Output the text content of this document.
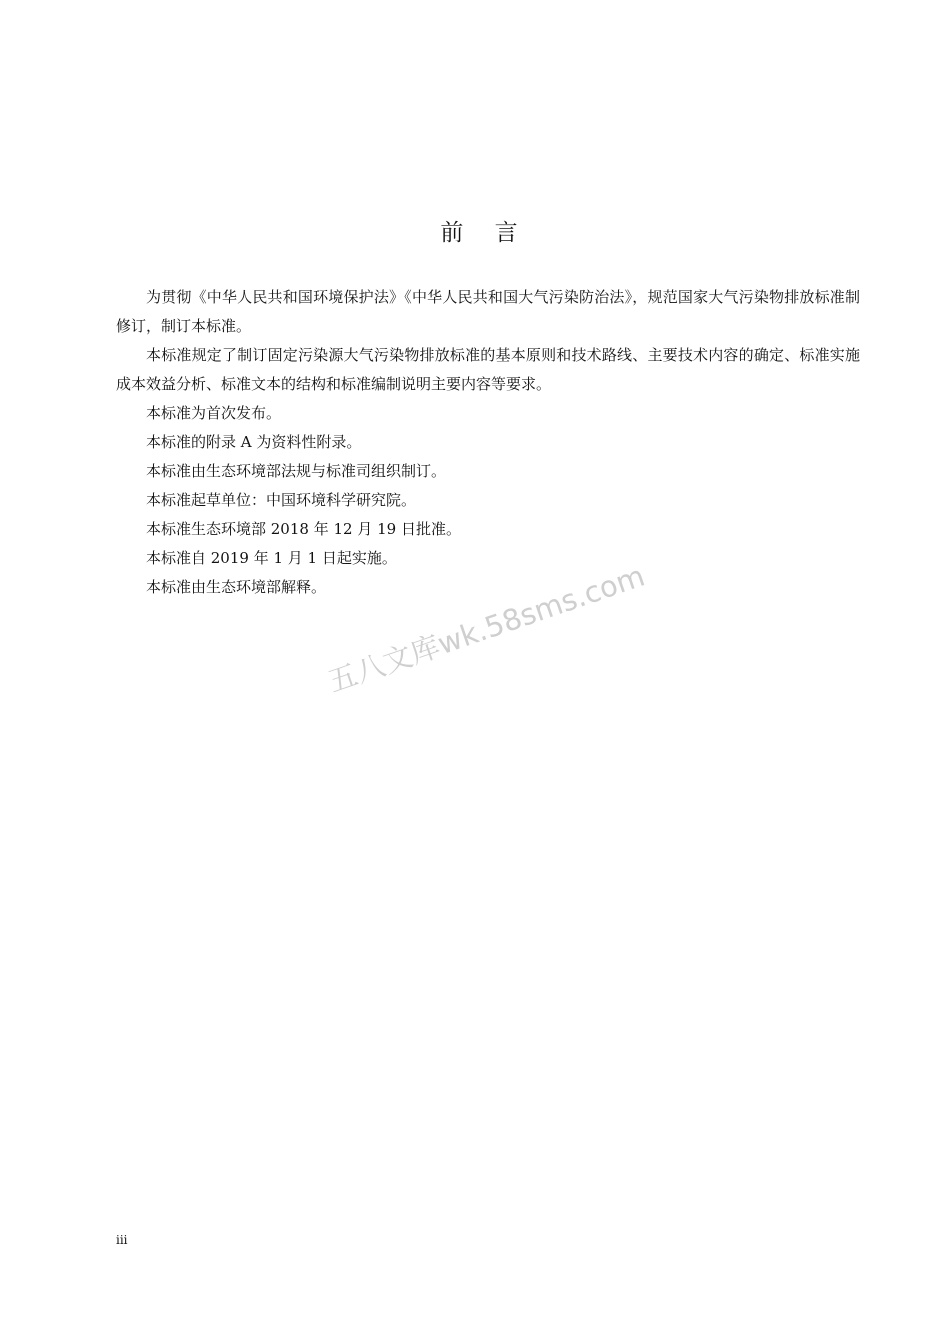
前 言

为贯彻《中华人民共和国环境保护法》《中华人民共和国大气污染防治法》，规范国家大气污染物排放标准制修订，制订本标准。

本标准规定了制订固定污染源大气污染物排放标准的基本原则和技术路线、主要技术内容的确定、标准实施成本效益分析、标准文本的结构和标准编制说明主要内容等要求。

本标准为首次发布。

本标准的附录 A 为资料性附录。

本标准由生态环境部法规与标准司组织制订。

本标准起草单位：中国环境科学研究院。

本标准生态环境部 2018 年 12 月 19 日批准。

本标准自 2019 年 1 月 1 日起实施。

本标准由生态环境部解释。

五八文库wk.58sms.com
iii
